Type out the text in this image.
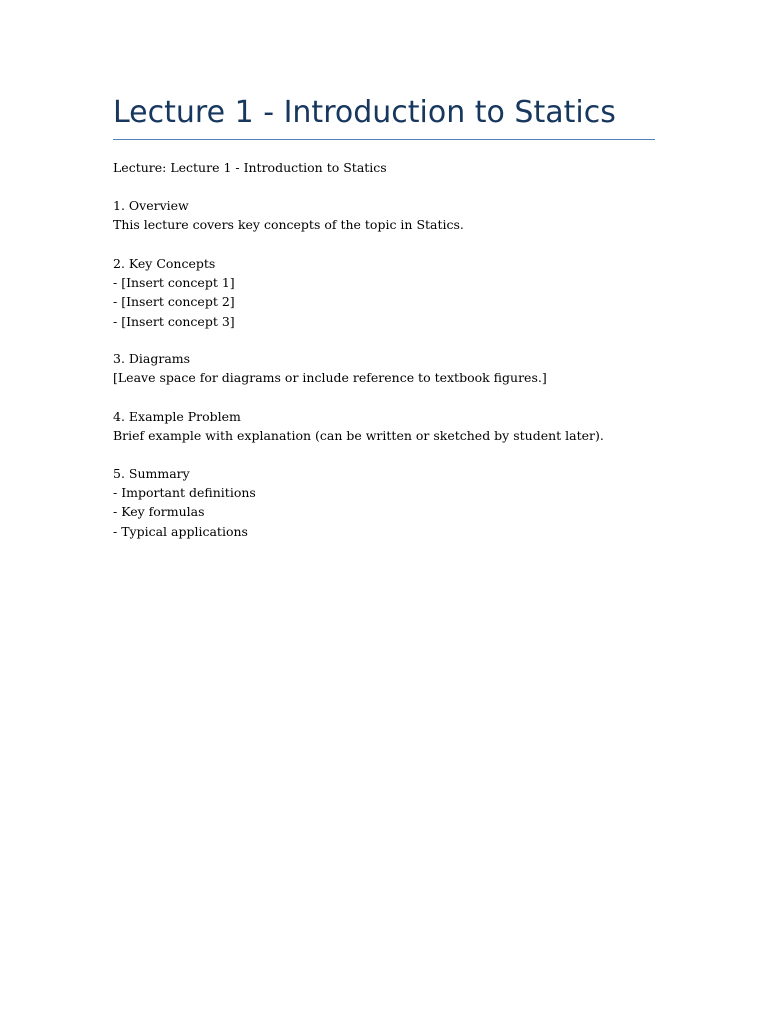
Lecture 1 - Introduction to Statics

Lecture: Lecture 1 - Introduction to Statics

1. Overview
This lecture covers key concepts of the topic in Statics.
2. Key Concepts
- [Insert concept 1]
- [Insert concept 2]
- [Insert concept 3]
3. Diagrams
[Leave space for diagrams or include reference to textbook figures.]
4. Example Problem
Brief example with explanation (can be written or sketched by student later).
5. Summary
- Important definitions
- Key formulas
- Typical applications
